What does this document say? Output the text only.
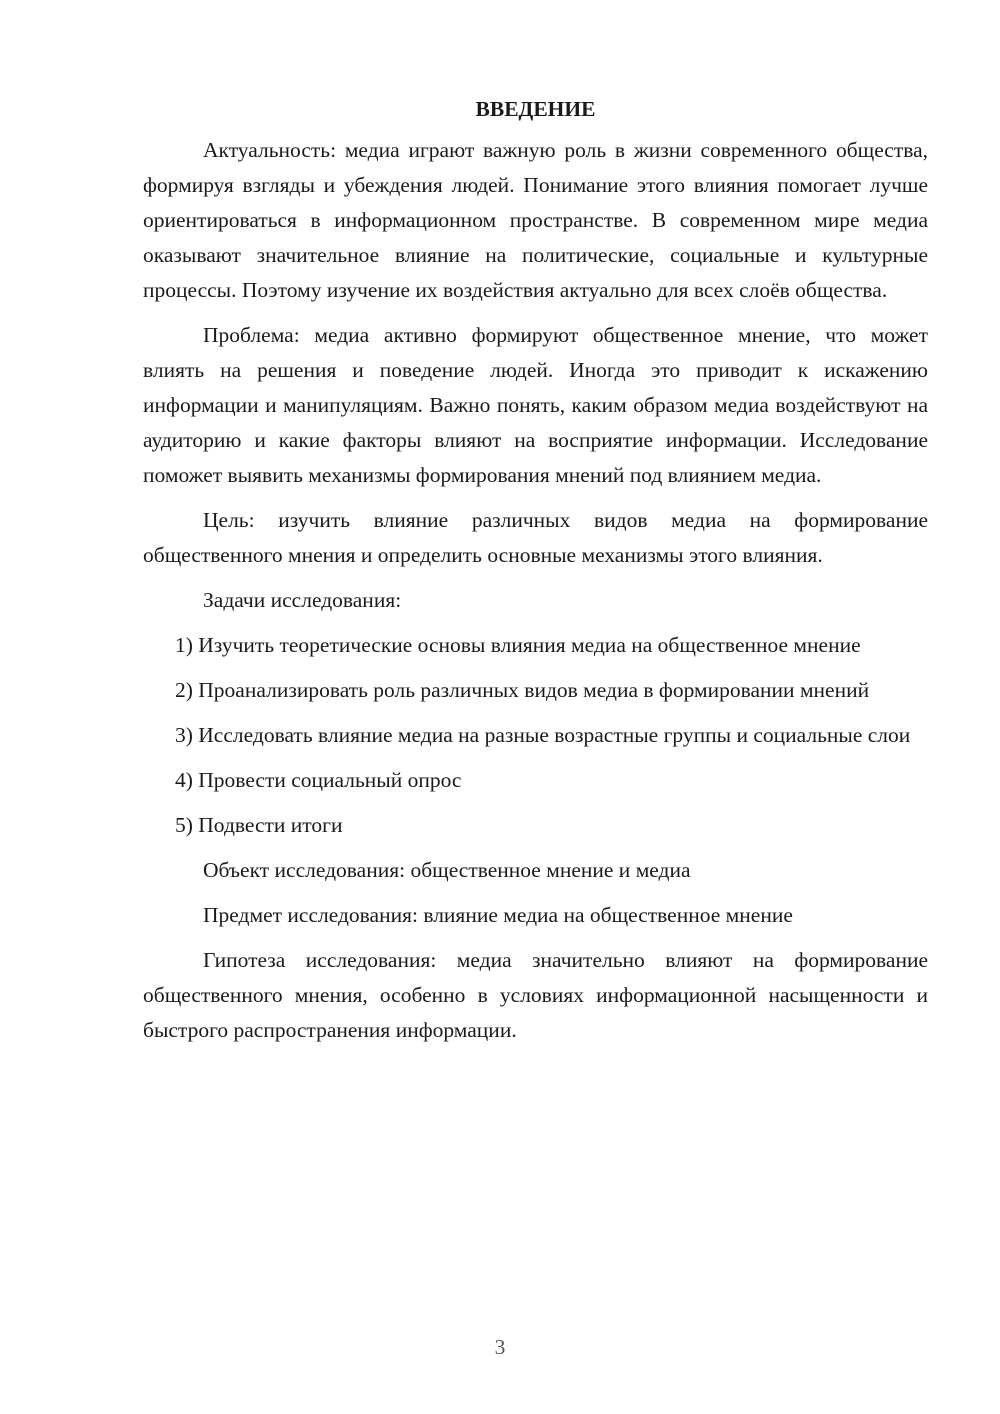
ВВЕДЕНИЕ

Актуальность: медиа играют важную роль в жизни современного общества, формируя взгляды и убеждения людей. Понимание этого влияния помогает лучше ориентироваться в информационном пространстве. В современном мире медиа оказывают значительное влияние на политические, социальные и культурные процессы. Поэтому изучение их воздействия актуально для всех слоёв общества.

Проблема: медиа активно формируют общественное мнение, что может влиять на решения и поведение людей. Иногда это приводит к искажению информации и манипуляциям. Важно понять, каким образом медиа воздействуют на аудиторию и какие факторы влияют на восприятие информации. Исследование поможет выявить механизмы формирования мнений под влиянием медиа.

Цель: изучить влияние различных видов медиа на формирование общественного мнения и определить основные механизмы этого влияния.

Задачи исследования:

1) Изучить теоретические основы влияния медиа на общественное мнение

2) Проанализировать роль различных видов медиа в формировании мнений

3) Исследовать влияние медиа на разные возрастные группы и социальные слои

4) Провести социальный опрос

5) Подвести итоги

Объект исследования: общественное мнение и медиа

Предмет исследования: влияние медиа на общественное мнение

Гипотеза исследования: медиа значительно влияют на формирование общественного мнения, особенно в условиях информационной насыщенности и быстрого распространения информации.

3
